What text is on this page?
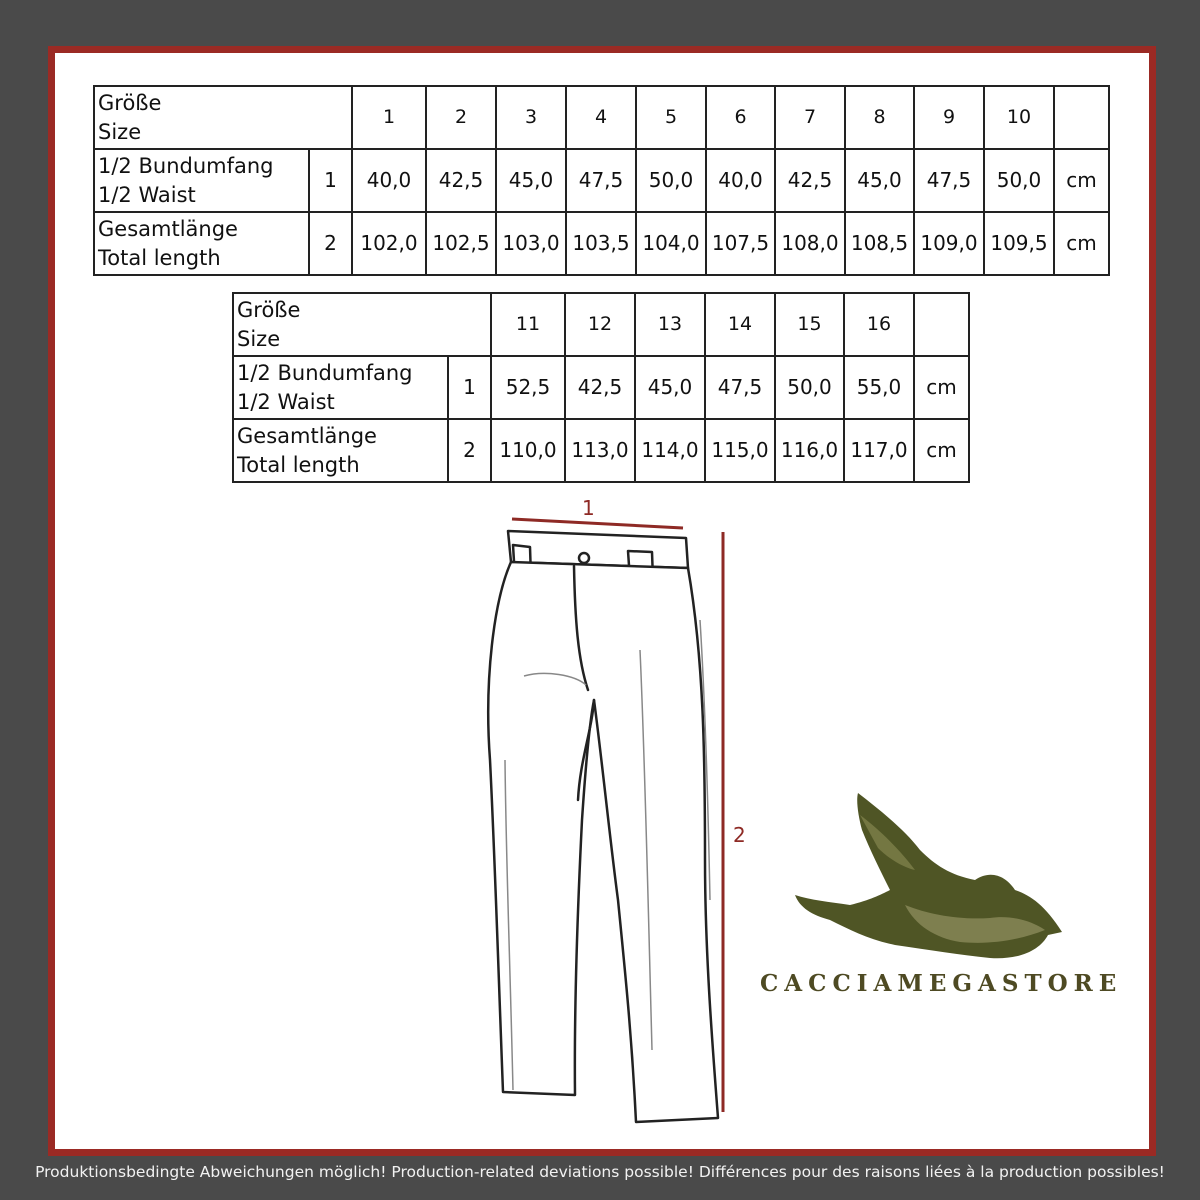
Größe
Size		1	2	3	4	5	6	7	8	9	10	

1/2 Bundumfang
1/2 Waist	1	40,0	42,5	45,0	47,5	50,0	40,0	42,5	45,0	47,5	50,0	cm

Gesamtlänge
Total length	2	102,0	102,5	103,0	103,5	104,0	107,5	108,0	108,5	109,0	109,5	cm
Größe
Size		11	12	13	14	15	16	

1/2 Bundumfang
1/2 Waist	1	52,5	42,5	45,0	47,5	50,0	55,0	cm

Gesamtlänge
Total length	2	110,0	113,0	114,0	115,0	116,0	117,0	cm
1
2
CACCIAMEGASTORE
Produktionsbedingte Abweichungen möglich! Production-related deviations possible! Différences pour des raisons liées à la production possibles!
